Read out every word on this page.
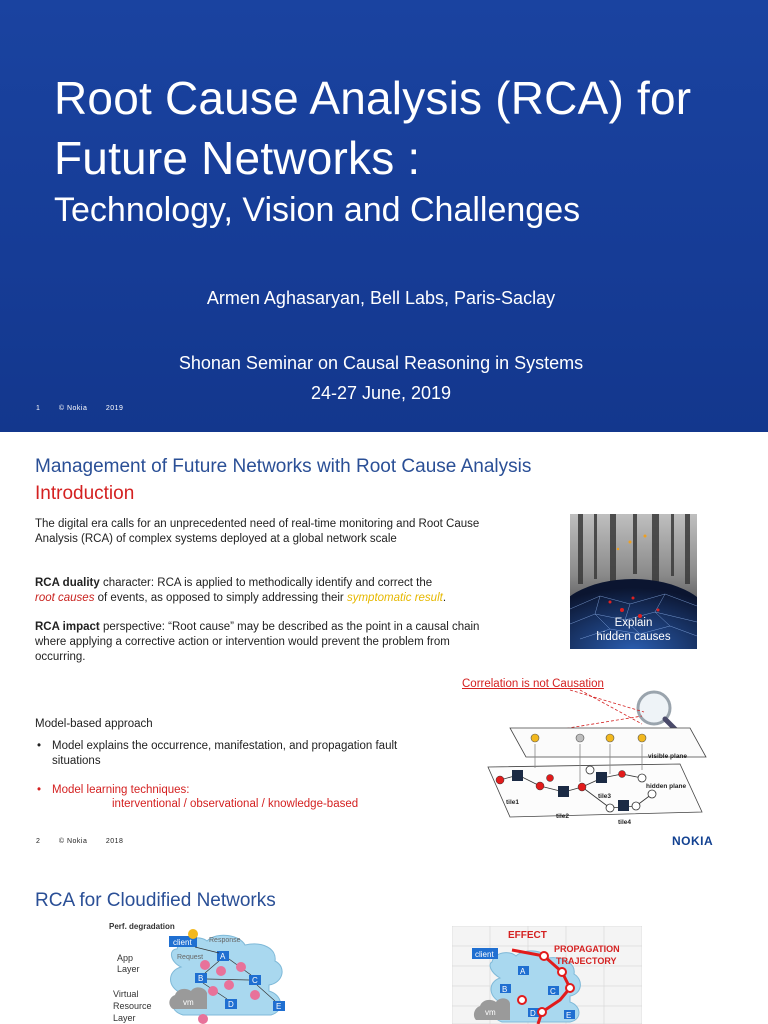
Root Cause Analysis (RCA) for Future Networks :
Technology, Vision and Challenges
Armen Aghasaryan, Bell Labs, Paris-Saclay
Shonan Seminar on Causal Reasoning in Systems
24-27 June, 2019
1	© Nokia	2019
Management of Future Networks with Root Cause Analysis
Introduction

The digital era calls for an unprecedented need of real-time monitoring and Root Cause Analysis (RCA) of complex systems deployed at a global network scale

RCA duality character: RCA is applied to methodically identify and correct the
root causes of events, as opposed to simply addressing their symptomatic result.

RCA impact perspective: “Root cause” may be described as the point in a causal chain where applying a corrective action or intervention would prevent the problem from occurring.

Model-based approach
• Model explains the occurrence, manifestation, and propagation fault situations
• Model learning techniques:
interventional / observational / knowledge-based
Explain
hidden causes
Correlation is not Causation
visible plane
hidden plane
tile1
tile2
tile3
tile4
2	© Nokia	2018	NOKIA
RCA for Cloudified Networks
Perf. degradation
client Response
Request
App
Layer
Virtual
Resource
Layer
vm
A
B	C
D	E
EFFECT
PROPAGATION
TRAJECTORY
client
vm
A
B	C
D	E
